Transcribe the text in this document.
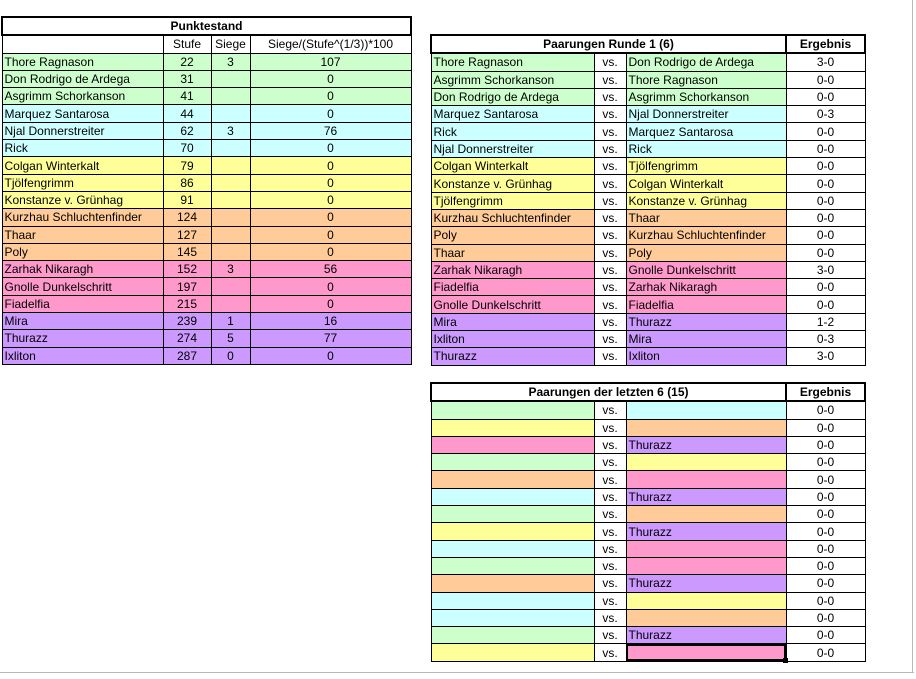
Punktestand			
	Stufe	Siege	Siege/(Stufe^(1/3))*100
Thore Ragnason	22	3	107
Don Rodrigo de Ardega	31		0
Asgrimm Schorkanson	41		0
Marquez Santarosa	44		0
Njal Donnerstreiter	62	3	76
Rick	70		0
Colgan Winterkalt	79		0
Tjölfengrimm	86		0
Konstanze v. Grünhag	91		0
Kurzhau Schluchtenfinder	124		0
Thaar	127		0
Poly	145		0
Zarhak Nikaragh	152	3	56
Gnolle Dunkelschritt	197		0
Fiadelfia	215		0
Mira	239	1	16
Thurazz	274	5	77
Ixliton	287	0	0
Paarungen Runde 1 (6)			Ergebnis
Thore Ragnason	vs.	Don Rodrigo de Ardega	3-0
Asgrimm Schorkanson	vs.	Thore Ragnason	0-0
Don Rodrigo de Ardega	vs.	Asgrimm Schorkanson	0-0
Marquez Santarosa	vs.	Njal Donnerstreiter	0-3
Rick	vs.	Marquez Santarosa	0-0
Njal Donnerstreiter	vs.	Rick	0-0
Colgan Winterkalt	vs.	Tjölfengrimm	0-0
Konstanze v. Grünhag	vs.	Colgan Winterkalt	0-0
Tjölfengrimm	vs.	Konstanze v. Grünhag	0-0
Kurzhau Schluchtenfinder	vs.	Thaar	0-0
Poly	vs.	Kurzhau Schluchtenfinder	0-0
Thaar	vs.	Poly	0-0
Zarhak Nikaragh	vs.	Gnolle Dunkelschritt	3-0
Fiadelfia	vs.	Zarhak Nikaragh	0-0
Gnolle Dunkelschritt	vs.	Fiadelfia	0-0
Mira	vs.	Thurazz	1-2
Ixliton	vs.	Mira	0-3
Thurazz	vs.	Ixliton	3-0
Paarungen der letzten 6 (15)			Ergebnis
	vs.		0-0
	vs.		0-0
	vs.	Thurazz	0-0
	vs.		0-0
	vs.		0-0
	vs.	Thurazz	0-0
	vs.		0-0
	vs.	Thurazz	0-0
	vs.		0-0
	vs.		0-0
	vs.	Thurazz	0-0
	vs.		0-0
	vs.		0-0
	vs.	Thurazz	0-0
	vs.		0-0
